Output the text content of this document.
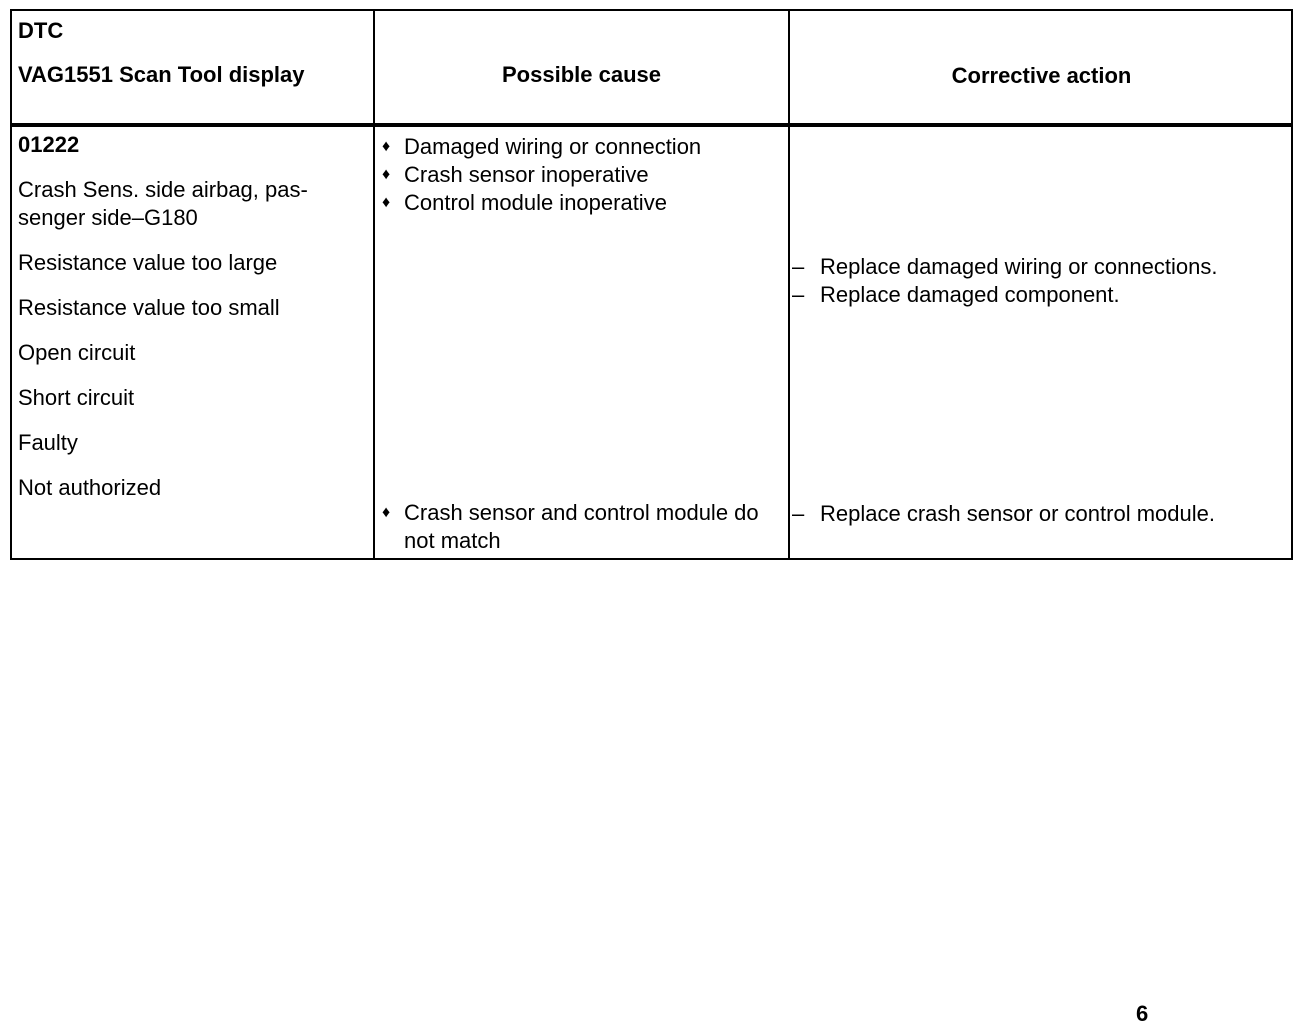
DTC
VAG1551 Scan Tool display	Possible cause	Corrective action
01222
Crash Sens. side airbag, pas-senger side–G180
Resistance value too large
Resistance value too small
Open circuit
Short circuit
Faulty
Not authorized
♦ Damaged wiring or connection
♦ Crash sensor inoperative
♦ Control module inoperative
♦ Crash sensor and control module do not match
– Replace damaged wiring or connections.
– Replace damaged component.
– Replace crash sensor or control module.
6
